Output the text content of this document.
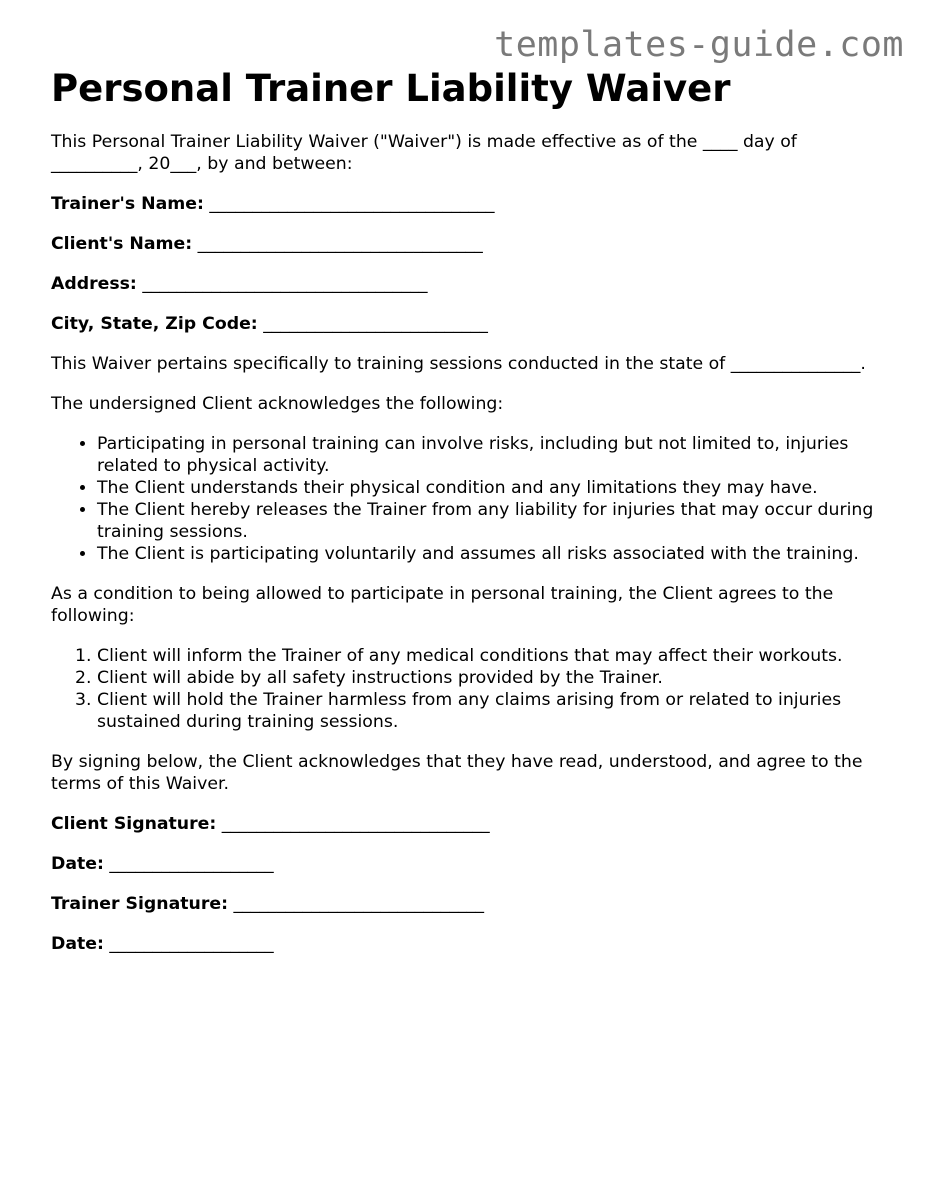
templates-guide.com
Personal Trainer Liability Waiver

This Personal Trainer Liability Waiver ("Waiver") is made effective as of the ____ day of __________, 20___, by and between:

Trainer's Name: _________________________________
Client's Name: _________________________________
Address: _________________________________
City, State, Zip Code: __________________________

This Waiver pertains specifically to training sessions conducted in the state of _______________.

The undersigned Client acknowledges the following:

• Participating in personal training can involve risks, including but not limited to, injuries related to physical activity.
• The Client understands their physical condition and any limitations they may have.
• The Client hereby releases the Trainer from any liability for injuries that may occur during training sessions.
• The Client is participating voluntarily and assumes all risks associated with the training.

As a condition to being allowed to participate in personal training, the Client agrees to the following:

1. Client will inform the Trainer of any medical conditions that may affect their workouts.
2. Client will abide by all safety instructions provided by the Trainer.
3. Client will hold the Trainer harmless from any claims arising from or related to injuries sustained during training sessions.

By signing below, the Client acknowledges that they have read, understood, and agree to the terms of this Waiver.

Client Signature: _______________________________
Date: ___________________
Trainer Signature: _____________________________
Date: ___________________
